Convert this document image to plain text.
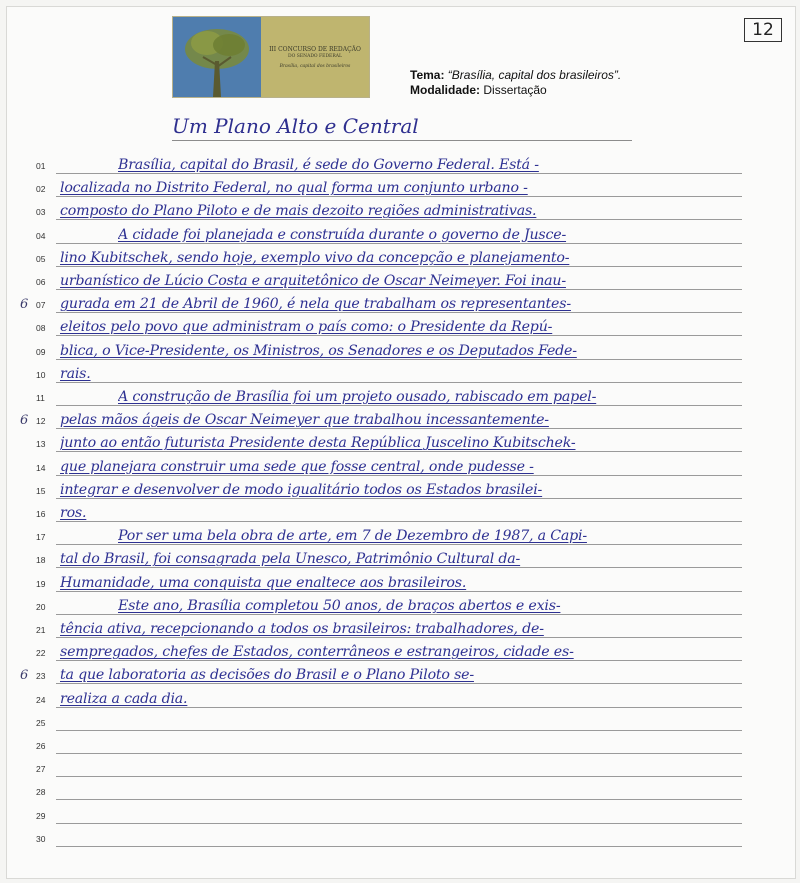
III CONCURSO DE REDAÇÃO
DO SENADO FEDERAL
Brasília, capital dos brasileiros
Tema: “Brasília, capital dos brasileiros”.
Modalidade: Dissertação
12
Um Plano Alto e Central
01	Brasília, capital do Brasil, é sede do Governo Federal. Está -
02	localizada no Distrito Federal, no qual forma um conjunto urbano -
03	composto do Plano Piloto e de mais dezoito regiões administrativas.
04	A cidade foi planejada e construída durante o governo de Jusce-
05	lino Kubitschek, sendo hoje, exemplo vivo da concepção e planejamento-
06	urbanístico de Lúcio Costa e arquitetônico de Oscar Neimeyer. Foi inau-
07
6 gurada em 21 de Abril de 1960, é nela que trabalham os representantes-
08	eleitos pelo povo que administram o país como: o Presidente da Repú-
09	blica, o Vice-Presidente, os Ministros, os Senadores e os Deputados Fede-
10	rais.
11	A construção de Brasília foi um projeto ousado, rabiscado em papel-
12
6 pelas mãos ágeis de Oscar Neimeyer que trabalhou incessantemente-
13	junto ao então futurista Presidente desta República Juscelino Kubitschek-
14	que planejara construir uma sede que fosse central, onde pudesse -
15	integrar e desenvolver de modo igualitário todos os Estados brasilei-
16	ros.
17	Por ser uma bela obra de arte, em 7 de Dezembro de 1987, a Capi-
18	tal do Brasil, foi consagrada pela Unesco, Patrimônio Cultural da-
19	Humanidade, uma conquista que enaltece aos brasileiros.
20	Este ano, Brasília completou 50 anos, de braços abertos e exis-
21	tência ativa, recepcionando a todos os brasileiros: trabalhadores, de-
22	sempregados, chefes de Estados, conterrâneos e estrangeiros, cidade es-
23
6 ta que laboratoria as decisões do Brasil e o Plano Piloto se-
24	realiza a cada dia.
25
26
27
28
29
30
